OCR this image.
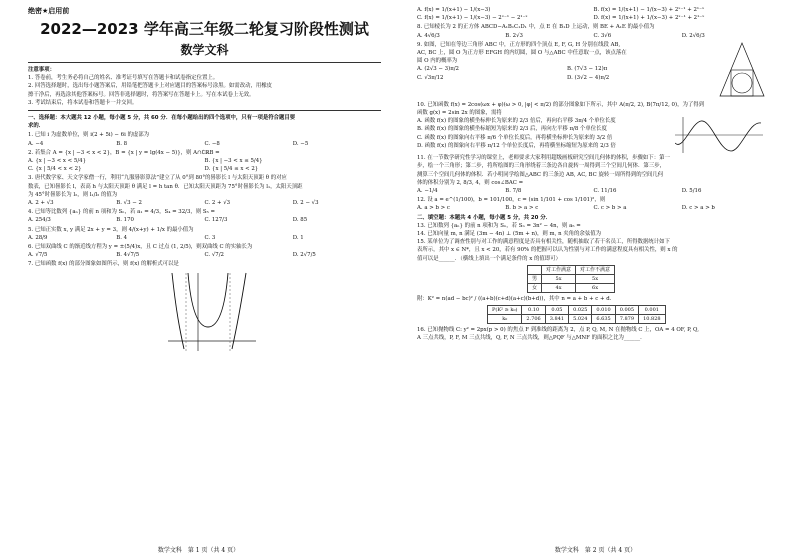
绝密★启用前
2022—2023 学年高三年级二轮复习阶段性测试
数学文科
注意事项：
1. 答卷前，考生务必将自己的姓名、准考证号填写在答题卡和试卷指定位置上。
2. 回答选择题时，选出每小题答案后，用铅笔把答题卡上对应题目的答案标号涂黑。如需改动，用橡皮
擦干净后，再选涂其他答案标号。回答非选择题时，将答案写在答题卡上。写在本试卷上无效。
3. 考试结束后，将本试卷和答题卡一并交回。
一、选择题：本大题共 12 小题，每小题 5 分，共 60 分．在每小题给出的四个选项中，只有一项是符合题目要
求的．
1. 已知 i 为虚数单位，则 i(2 + 5i) − 6i 的虚部为
A. −4	B. 8	C. −8	D. −5
2. 若集合 A = {x | −3 < x < 2}，B = {x | y = lg(4x − 5)}，则 A∩∁ℝB =
A. {x | −3 < x < 5/4}	B. {x | −3 < x ≤ 5/4}
C. {x | 5/4 < x < 2}	D. {x | 5/4 ≤ x < 2}
3. 唐代数学家、天文学家僧一行，利用“九服晷影算法”建立了从 0°到 80°的晷影长 l 与太阳天顶距 θ 的对应
数表，已知晷影长 l，表高 h 与太阳天顶距 θ 满足 l = h tan θ．已知太阳天顶距为 75°时晷影长为 l₁，太阳天顶距
为 45°时晷影长为 l₂，则 l₁/l₂ 的值为
A. 2 + √3	B. √3 − 2	C. 2 + √3	D. 2 − √3
4. 已知等比数列 {aₙ} 的前 n 项和为 Sₙ，若 a₁ = 4/3，S₄ = 32/3，则 S₅ =
A. 254/3	B. 170	C. 127/3	D. 85
5. 已知正实数 x, y 满足 2x + y = 3，则 4/(x+y) + 1/x 的最小值为
A. 28/9	B. 4	C. 3	D. 1
6. 已知双曲线 C 的渐近线方程为 y = ±(5/4)x，且 C 过点 (1, 2/5)，则双曲线 C 的实轴长为
A. √7/5	B. 4√7/5	C. √7/2	D. 2√7/5
7. 已知函数 f(x) 的部分图象如图所示，则 f(x) 的解析式可以是
数学文科　第 1 页（共 4 页）
A. f(x) = 1/(x+1) − 1/(x−3)	B. f(x) = 1/(x+1) − 1/(x−3) + 2ˣ⁻¹ + 2¹⁻ˣ
C. f(x) = 1/(x+1) − 1/(x−3) − 2ˣ⁻¹ − 2¹⁻ˣ	D. f(x) = 1/(x+1) + 1/(x−3) + 2ˣ⁻¹ + 2¹⁻ˣ
8. 已知棱长为 2 的正方体 ABCD−A₁B₁C₁D₁ 中，点 E 在 B₁D 上运动，则 BE + A₁E 的最小值为
A. 4√6/3	B. 2√3	C. 3√6	D. 2√6/3
9. 如图，已知在等边三角形 ABC 中，正方形的四个顶点 E, F, G, H 分别在线段 AB,
AC, BC 上，圆 O 为正方形 EFGH 的内切圆，圆 O 与△ABC 中任意取一点，该点落在
圆 O 内的概率为
A. (2√3 − 3)π/2	B. (7√3 − 12)π
C. √3π/12	D. (3√2 − 4)π/2
10. 已知函数 f(x) = 2cos(ωx + φ)(ω > 0, |φ| < π/2) 的部分图象如下所示，其中 A(π/2, 2), B(7π/12, 0)，为了得到
函数 g(x) = 2sin 2x 的图象，需将
A. 函数 f(x) 的图象的横坐标伸长为原来的 2/3 倍后，再向右平移 3π/4 个单位长度
B. 函数 f(x) 的图象的横坐标缩短为原来的 2/3 后，再向左平移 π/8 个单位长度
C. 函数 f(x) 的图象向右平移 π/6 个单位长度后，再将横坐标伸长为原来的 3/2 倍
D. 函数 f(x) 的图象向右平移 π/12 个单位长度后，再将横坐标缩短为原来的 2/3 倍
11. 在一节数学研究性学习的课堂上，老师要求大家利用超级画板研究空间几何体的体积，步骤如下：第一
步，绘一个三角形；第二步，将所绘图的三角形绕着三条边各自旋转一周得到三个空间几何体．第三步，
测算三个空间几何体的体积．若小明同学绘图△ABC 的三条边 AB, AC, BC 旋转一周所得到的空间几何
体的体积分别为 2, 8/3, 4，则 cos∠BAC =
A. −1/4	B. 7/8	C. 11/16	D. 5/16
12. 设 a = e^(1/100)，b = 101/100，c = (sin 1/101 + cos 1/101)²，则
A. a > b > c	B. b > a > c	C. c > b > a	D. c > a > b
二、填空题：本题共 4 小题，每小题 5 分，共 20 分．
13. 已知数列 {aₙ} 的前 n 项和为 Sₙ，若 Sₙ = 3n² − 4n，则 a₅ =
14. 已知向量 m, n 满足 (3m − 4n) ⊥ (5m + n)，则 m, n 夹角的余弦值为
15. 某单位为了调查性别与对工作的满意程度是否具有相关性，随机抽取了若干名员工，所得数据统计如下
表所示，其中 x ∈ N*，且 x < 20，若有 90% 的把握可以认为性别与对工作的满意程度具有相关性，则 x 的
值可以是______．（横线上填出一个满足条件的 x 的值即可）
	对工作满意	对工作不满意
男	5x	5x
女	4x	6x
附：K² = n(ad − bc)² / ((a+b)(c+d)(a+c)(b+d))，其中 n = a + b + c + d．
P(K² ≥ k₀)	0.10	0.05	0.025	0.010	0.005	0.001
k₀	2.706	3.841	5.024	6.635	7.879	10.828
16. 已知抛物线 C: y² = 2px(p > 0) 的焦点 F 到准线的距离为 2，点 P, Q, M, N 在抛物线 C 上，OA = 4 OF, P, Q,
A 三点共线，P, F, M 三点共线，Q, F, N 三点共线，则△PQF 与△MNF 的面积之比为______．
数学文科　第 2 页（共 4 页）
